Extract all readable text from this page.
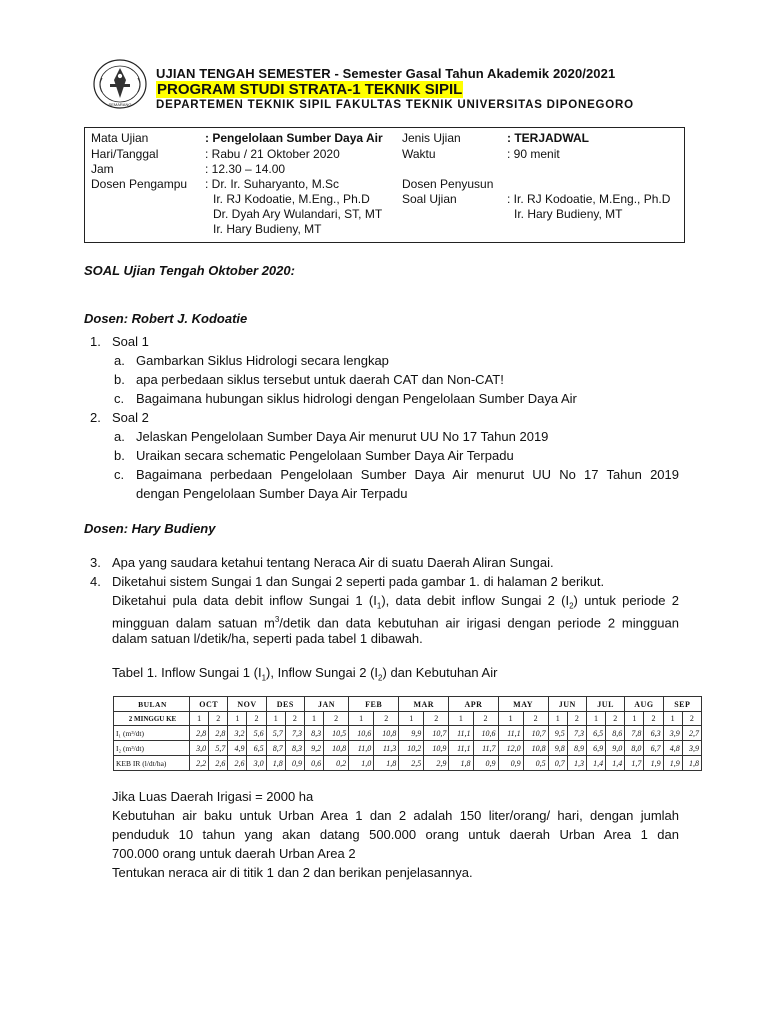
SEMARANG
UJIAN TENGAH SEMESTER - Semester Gasal Tahun Akademik 2020/2021
PROGRAM STUDI STRATA-1 TEKNIK SIPIL
DEPARTEMEN TEKNIK SIPIL FAKULTAS TEKNIK UNIVERSITAS DIPONEGORO
Mata Ujian	: Pengelolaan Sumber Daya Air
Hari/Tanggal	: Rabu / 21 Oktober 2020
Jam	: 12.30 – 14.00
Dosen Pengampu : Dr. Ir. Suharyanto, M.Sc
Ir. RJ Kodoatie, M.Eng., Ph.D
Dr. Dyah Ary Wulandari, ST, MT
Ir. Hary Budieny, MT
Jenis Ujian	: TERJADWAL
Waktu	: 90 menit
Dosen Penyusun
Soal Ujian	: Ir. RJ Kodoatie, M.Eng., Ph.D
Ir. Hary Budieny, MT
SOAL Ujian Tengah Oktober 2020:
Dosen: Robert J. Kodoatie
1. Soal 1
a. Gambarkan Siklus Hidrologi secara lengkap
b. apa perbedaan siklus tersebut untuk daerah CAT dan Non-CAT!
c. Bagaimana hubungan siklus hidrologi dengan Pengelolaan Sumber Daya Air
2. Soal 2
a. Jelaskan Pengelolaan Sumber Daya Air menurut UU No 17 Tahun 2019
b. Uraikan secara schematic Pengelolaan Sumber Daya Air Terpadu
c. Bagaimana perbedaan Pengelolaan Sumber Daya Air menurut UU No 17 Tahun 2019
dengan Pengelolaan Sumber Daya Air Terpadu
Dosen: Hary Budieny
3. Apa yang saudara ketahui tentang Neraca Air di suatu Daerah Aliran Sungai.
4. Diketahui sistem Sungai 1 dan Sungai 2 seperti pada gambar 1. di halaman 2 berikut.
Diketahui pula data debit inflow Sungai 1 $(I_1)$, data debit inflow Sungai 2 $(I_2)$ untuk periode 2
mingguan dalam satuan $m^3$/detik dan data kebutuhan air irigasi dengan periode 2 mingguan
dalam satuan l/detik/ha, seperti pada tabel 1 dibawah.
Tabel 1. Inflow Sungai 1 $(I_1)$, Inflow Sungai 2 $(I_2)$ dan Kebutuhan Air
BULAN	OCT		NOV		DES		JAN		FEB		MAR		APR		MAY		JUN		JUL		AUG		SEP	
2 MINGGU KE	1	2	1	2	1	2	1	2	1	2	1	2	1	2	1	2	1	2	1	2	1	2	1	2
I₁ (m³/dt)	2,8	2,8	3,2	5,6	5,7	7,3	8,3	10,5	10,6	10,8	9,9	10,7	11,1	10,6	11,1	10,7	9,5	7,3	6,5	8,6	7,8	6,3	3,9	2,7
I₂ (m³/dt)	3,0	5,7	4,9	6,5	8,7	8,3	9,2	10,8	11,0	11,3	10,2	10,9	11,1	11,7	12,0	10,8	9,8	8,9	6,9	9,0	8,0	6,7	4,8	3,9
KEB IR (l/dt/ha)	2,2	2,6	2,6	3,0	1,8	0,9	0,6	0,2	1,0	1,8	2,5	2,9	1,8	0,9	0,9	0,5	0,7	1,3	1,4	1,4	1,7	1,9	1,9	1,8
Jika Luas Daerah Irigasi = 2000 ha
Kebutuhan air baku untuk Urban Area 1 dan 2 adalah 150 liter/orang/ hari, dengan jumlah
penduduk 10 tahun yang akan datang 500.000 orang untuk daerah Urban Area 1 dan
700.000 orang untuk daerah Urban Area 2
Tentukan neraca air di titik 1 dan 2 dan berikan penjelasannya.
